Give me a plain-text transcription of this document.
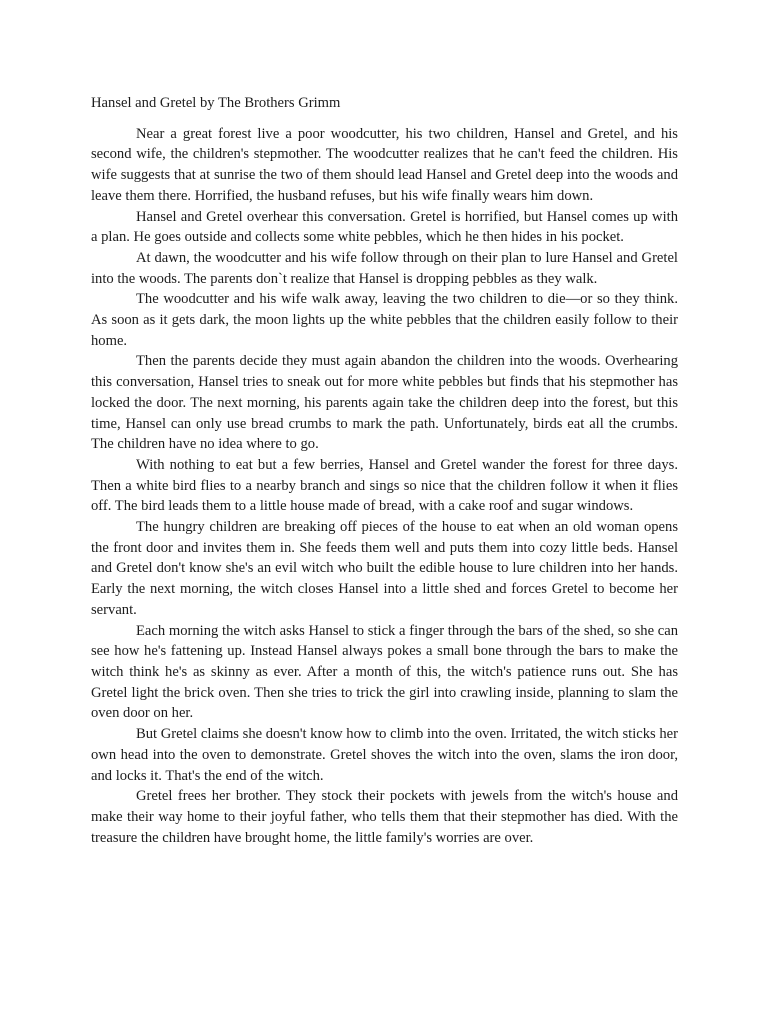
Hansel and Gretel by The Brothers Grimm

Near a great forest live a poor woodcutter, his two children, Hansel and Gretel, and his second wife, the children's stepmother. The woodcutter realizes that he can't feed the children. His wife suggests that at sunrise the two of them should lead Hansel and Gretel deep into the woods and leave them there. Horrified, the husband refuses, but his wife finally wears him down.

Hansel and Gretel overhear this conversation. Gretel is horrified, but Hansel comes up with a plan. He goes outside and collects some white pebbles, which he then hides in his pocket.

At dawn, the woodcutter and his wife follow through on their plan to lure Hansel and Gretel into the woods. The parents don`t realize that Hansel is dropping pebbles as they walk.

The woodcutter and his wife walk away, leaving the two children to die—or so they think. As soon as it gets dark, the moon lights up the white pebbles that the children easily follow to their home.

Then the parents decide they must again abandon the children into the woods. Overhearing this conversation, Hansel tries to sneak out for more white pebbles but finds that his stepmother has locked the door. The next morning, his parents again take the children deep into the forest, but this time, Hansel can only use bread crumbs to mark the path. Unfortunately, birds eat all the crumbs. The children have no idea where to go.

With nothing to eat but a few berries, Hansel and Gretel wander the forest for three days. Then a white bird flies to a nearby branch and sings so nice that the children follow it when it flies off. The bird leads them to a little house made of bread, with a cake roof and sugar windows.

The hungry children are breaking off pieces of the house to eat when an old woman opens the front door and invites them in. She feeds them well and puts them into cozy little beds. Hansel and Gretel don't know she's an evil witch who built the edible house to lure children into her hands. Early the next morning, the witch closes Hansel into a little shed and forces Gretel to become her servant.

Each morning the witch asks Hansel to stick a finger through the bars of the shed, so she can see how he's fattening up. Instead Hansel always pokes a small bone through the bars to make the witch think he's as skinny as ever. After a month of this, the witch's patience runs out. She has Gretel light the brick oven. Then she tries to trick the girl into crawling inside, planning to slam the oven door on her.

But Gretel claims she doesn't know how to climb into the oven. Irritated, the witch sticks her own head into the oven to demonstrate. Gretel shoves the witch into the oven, slams the iron door, and locks it. That's the end of the witch.

Gretel frees her brother. They stock their pockets with jewels from the witch's house and make their way home to their joyful father, who tells them that their stepmother has died. With the treasure the children have brought home, the little family's worries are over.
